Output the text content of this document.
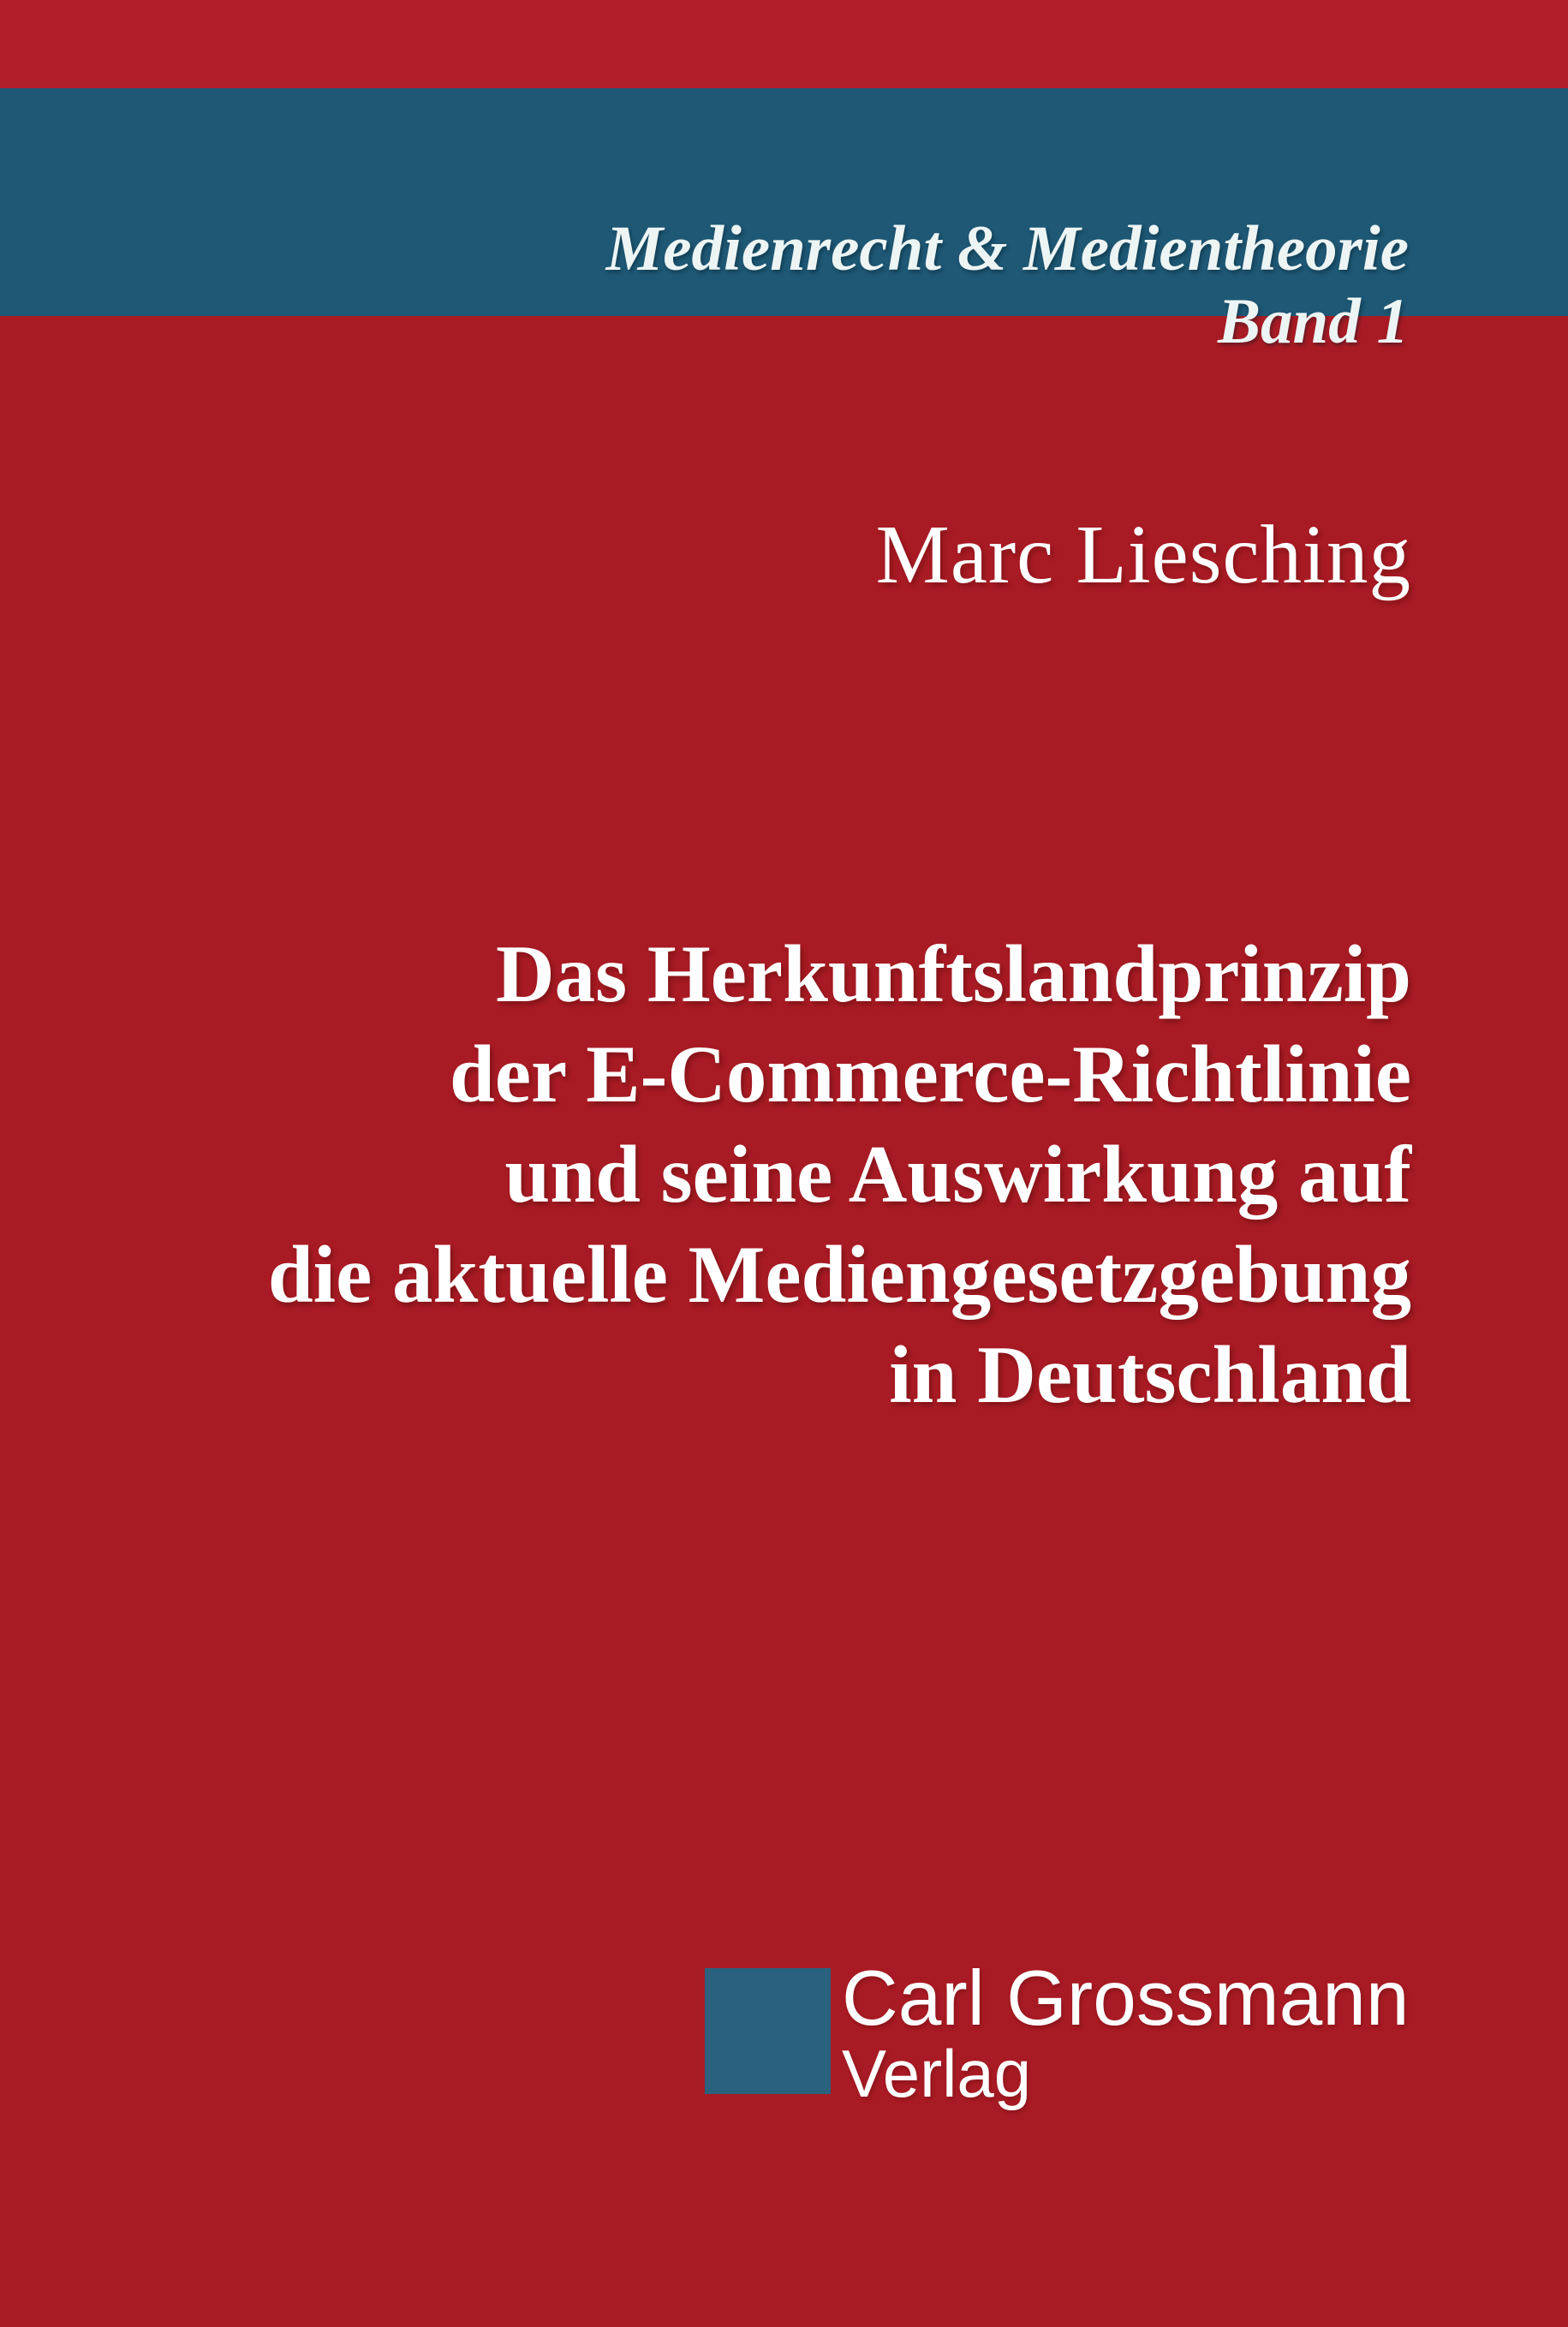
Medienrecht & Medientheorie
Band 1
Marc Liesching
Das Herkunftslandprinzip
der E-Commerce-Richtlinie
und seine Auswirkung auf
die aktuelle Mediengesetzgebung
in Deutschland
Carl Grossmann
Verlag
